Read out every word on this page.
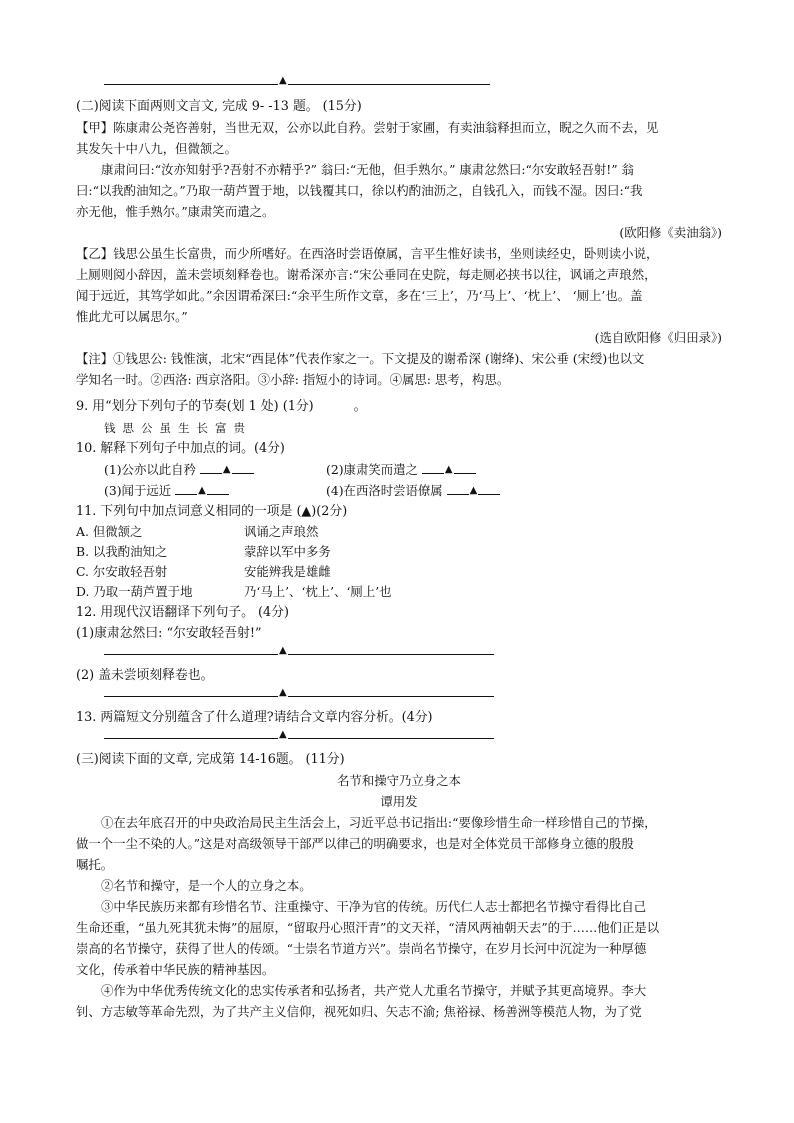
▲
(二)阅读下面两则文言文, 完成 9- -13 题。 (15分)
【甲】陈康肃公尧咨善射，当世无双，公亦以此自矜。尝射于家圃，有卖油翁释担而立，睨之久而不去，见
其发矢十中八九，但微颔之。
康肃问曰:“汝亦知射乎?吾射不亦精乎?” 翁曰:“无他，但手熟尔。” 康肃忿然曰:“尔安敢轻吾射!” 翁
曰:“以我酌油知之。”乃取一葫芦置于地，以钱覆其口，徐以杓酌油沥之，自钱孔入，而钱不湿。因曰:“我
亦无他，惟手熟尔。”康肃笑而遣之。
(欧阳修《卖油翁》)
【乙】钱思公虽生长富贵，而少所嗜好。在西洛时尝语僚属，言平生惟好读书，坐则读经史，卧则读小说，
上厕则阅小辞因，盖未尝顷刻释卷也。谢希深亦言:“宋公垂同在史院，每走厕必挟书以往，讽诵之声琅然，
闻于远近，其笃学如此。”余因谓希深曰:“余平生所作文章，多在‘三上’，乃‘马上’、‘枕上’、 ‘厕上’也。盖
惟此尤可以属思尔。”
(选自欧阳修《归田录》)
【注】①钱思公: 钱惟演，北宋“西昆体”代表作家之一。下文提及的谢希深 (谢绛)、宋公垂 (宋绶)也以文
学知名一时。②西洛: 西京洛阳。③小辞: 指短小的诗词。④属思: 思考，构思。
9. 用“划分下列句子的节奏(划 1 处) (1分)	。
钱思公虽生长富贵
10. 解释下列句子中加点的词。(4分)
(1)公亦以此自矜	▲	(2)康肃笑而遣之	▲
(3)闻于远近	▲	(4)在西洛时尝语僚属	▲
11. 下列句中加点词意义相同的一项是 (▲)(2分)
A. 但微颔之	讽诵之声琅然
B. 以我酌油知之	蒙辞以军中多务
C. 尔安敢轻吾射	安能辨我是雄雌
D. 乃取一葫芦置于地	乃‘马上’、‘枕上’、‘厕上’也
12. 用现代汉语翻译下列句子。 (4分)
(1)康肃忿然曰: “尔安敢轻吾射!”
▲
(2) 盖未尝顷刻释卷也。
▲
13. 两篇短文分别蕴含了什么道理?请结合文章内容分析。(4分)
▲
(三)阅读下面的文章, 完成第 14-16题。 (11分)
名节和操守乃立身之本
谭用发
①在去年底召开的中央政治局民主生活会上，习近平总书记指出:“要像珍惜生命一样珍惜自己的节操，
做一个一尘不染的人。”这是对高级领导干部严以律己的明确要求，也是对全体党员干部修身立德的殷殷
嘱托。
②名节和操守，是一个人的立身之本。
③中华民族历来都有珍惜名节、注重操守、干净为官的传统。历代仁人志士都把名节操守看得比自己
生命还重，“虽九死其犹未悔”的屈原，“留取丹心照汗青”的文天祥，“清风两袖朝天去”的于……他们正是以
崇高的名节操守，获得了世人的传颂。“士崇名节道方兴”。崇尚名节操守，在岁月长河中沉淀为一种厚德
文化，传承着中华民族的精神基因。
④作为中华优秀传统文化的忠实传承者和弘扬者，共产党人尤重名节操守，并赋予其更高境界。李大
钊、方志敏等革命先烈，为了共产主义信仰，视死如归、矢志不渝; 焦裕禄、杨善洲等模范人物，为了党
